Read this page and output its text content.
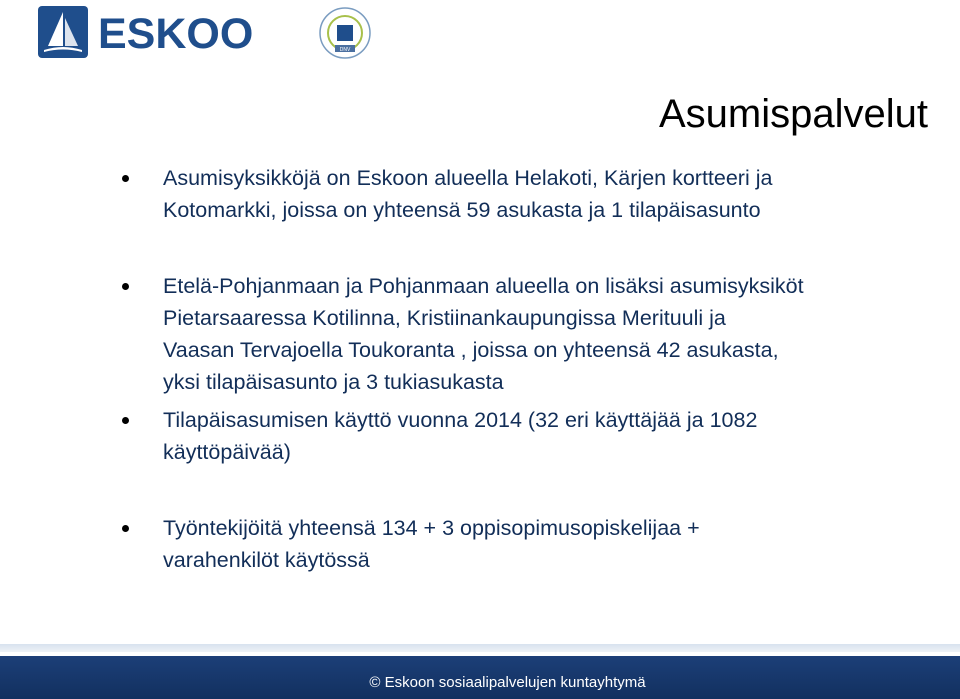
ESKOO	DNV
Asumispalvelut
Asumisyksikköjä on Eskoon alueella Helakoti, Kärjen kortteeri ja
Kotomarkki, joissa on yhteensä 59 asukasta ja 1 tilapäisasunto
Etelä-Pohjanmaan ja Pohjanmaan alueella on lisäksi asumisyksiköt
Pietarsaaressa Kotilinna, Kristiinankaupungissa Merituuli ja
Vaasan Tervajoella Toukoranta , joissa on yhteensä 42 asukasta,
yksi tilapäisasunto ja 3 tukiasukasta
Tilapäisasumisen käyttö vuonna 2014 (32 eri käyttäjää ja 1082
käyttöpäivää)
Työntekijöitä yhteensä 134 + 3 oppisopimusopiskelijaa +
varahenkilöt käytössä
© Eskoon sosiaalipalvelujen kuntayhtymä
